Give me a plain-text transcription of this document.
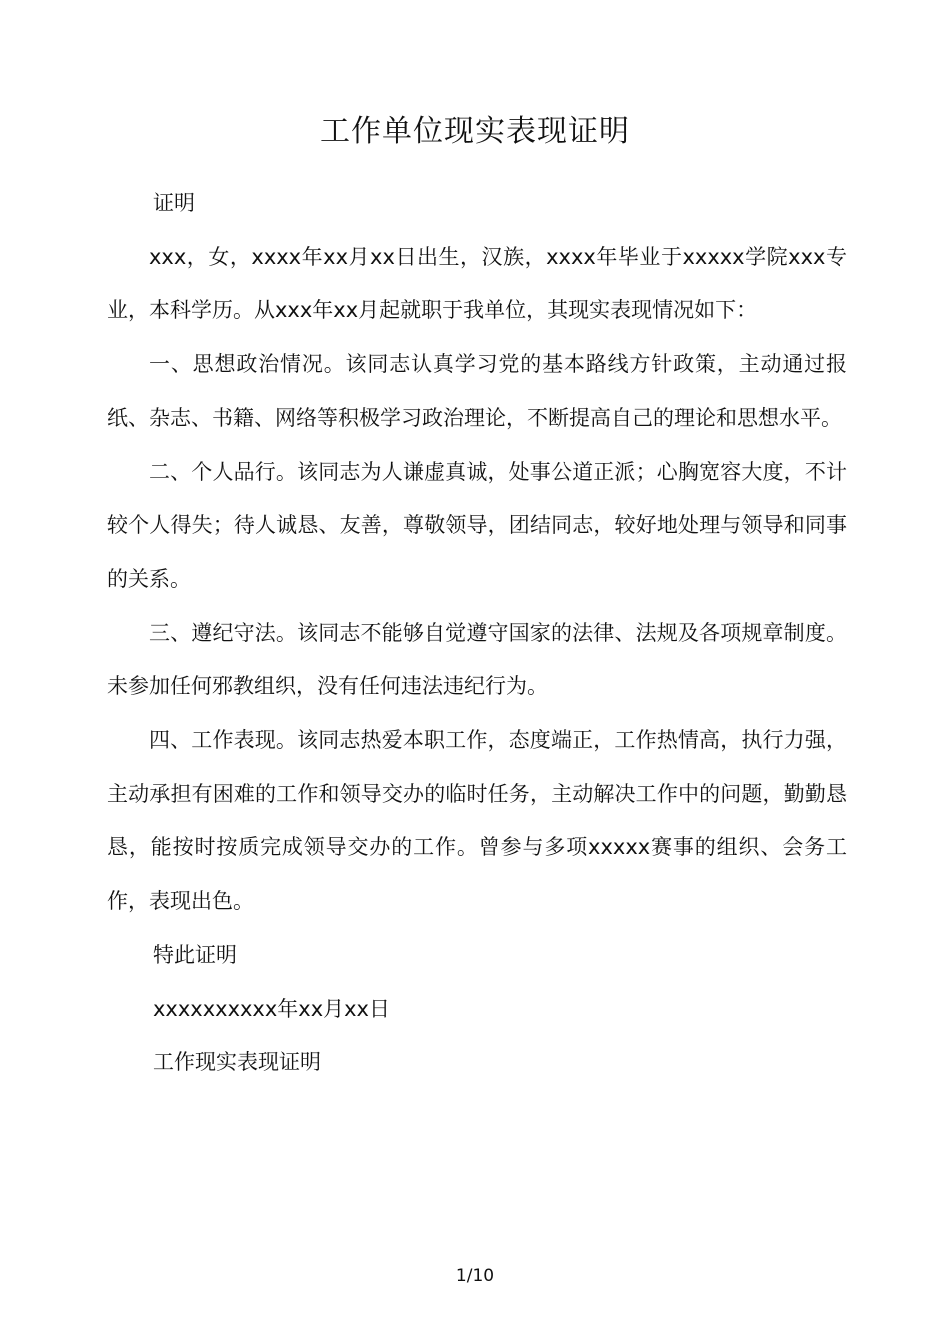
工作单位现实表现证明
证明
xxx，女，xxxx年xx月xx日出生，汉族，xxxx年毕业于xxxxx学院xxx专业，本科学历。从xxx年xx月起就职于我单位，其现实表现情况如下：
一、思想政治情况。该同志认真学习党的基本路线方针政策，主动通过报纸、杂志、书籍、网络等积极学习政治理论，不断提高自己的理论和思想水平。
二、个人品行。该同志为人谦虚真诚，处事公道正派；心胸宽容大度，不计较个人得失；待人诚恳、友善，尊敬领导，团结同志，较好地处理与领导和同事的关系。
三、遵纪守法。该同志不能够自觉遵守国家的法律、法规及各项规章制度。未参加任何邪教组织，没有任何违法违纪行为。
四、工作表现。该同志热爱本职工作，态度端正，工作热情高，执行力强，主动承担有困难的工作和领导交办的临时任务，主动解决工作中的问题，勤勤恳恳，能按时按质完成领导交办的工作。曾参与多项xxxxx赛事的组织、会务工作，表现出色。
特此证明
xxxxxxxxxx年xx月xx日
工作现实表现证明
1/10
